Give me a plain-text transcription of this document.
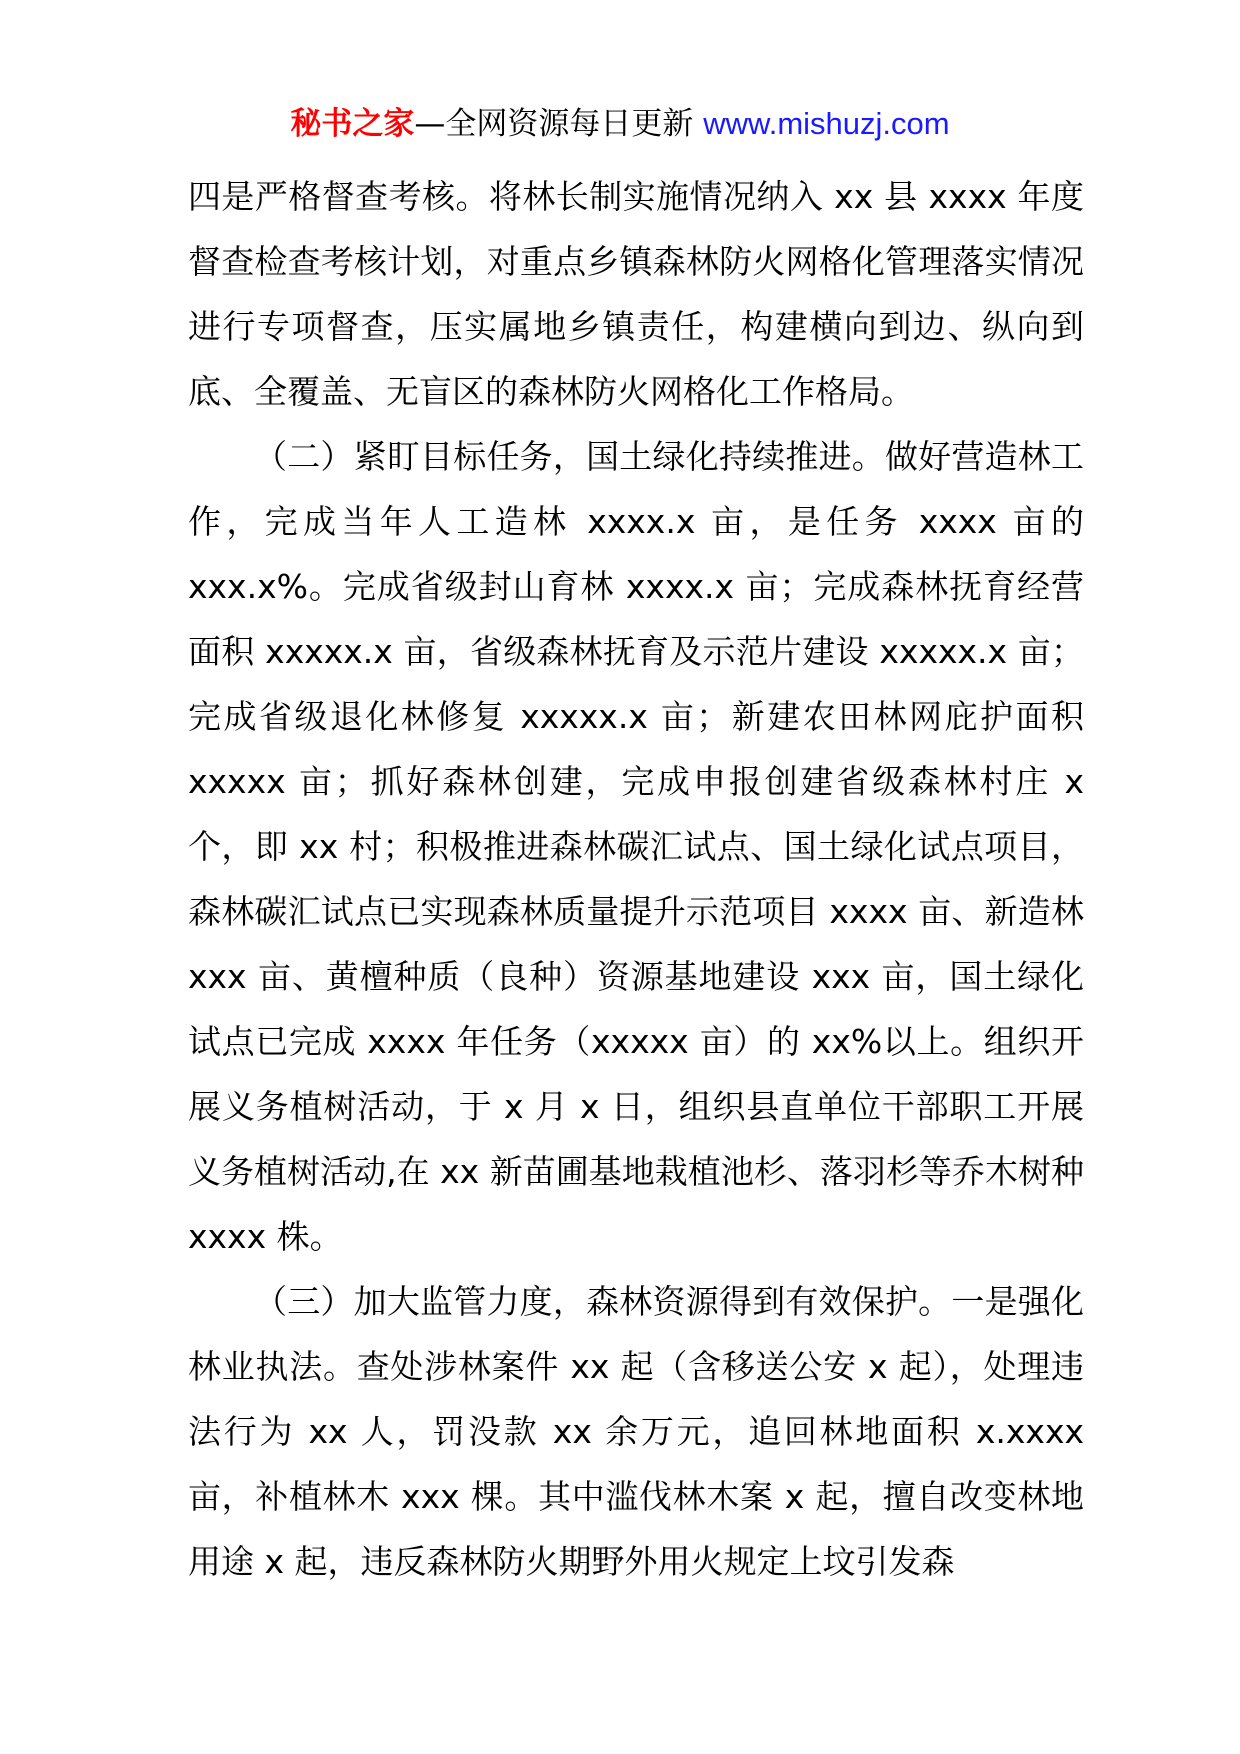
秘书之家—全网资源每日更新 www.mishuzj.com

四是严格督查考核。将林长制实施情况纳入 xx 县 xxxx 年度督查检查考核计划，对重点乡镇森林防火网格化管理落实情况进行专项督查，压实属地乡镇责任，构建横向到边、纵向到底、全覆盖、无盲区的森林防火网格化工作格局。

（二）紧盯目标任务，国土绿化持续推进。做好营造林工作，完成当年人工造林 xxxx.x 亩，是任务 xxxx 亩的 xxx.x%。完成省级封山育林 xxxx.x 亩；完成森林抚育经营面积 xxxxx.x 亩，省级森林抚育及示范片建设 xxxxx.x 亩；完成省级退化林修复 xxxxx.x 亩；新建农田林网庇护面积 xxxxx 亩；抓好森林创建，完成申报创建省级森林村庄 x 个，即 xx 村；积极推进森林碳汇试点、国土绿化试点项目，森林碳汇试点已实现森林质量提升示范项目 xxxx 亩、新造林 xxx 亩、黄檀种质（良种）资源基地建设 xxx 亩，国土绿化试点已完成 xxxx 年任务（xxxxx 亩）的 xx%以上。组织开展义务植树活动，于 x 月 x 日，组织县直单位干部职工开展义务植树活动,在 xx 新苗圃基地栽植池杉、落羽杉等乔木树种 xxxx 株。

（三）加大监管力度，森林资源得到有效保护。一是强化林业执法。查处涉林案件 xx 起（含移送公安 x 起），处理违法行为 xx 人，罚没款 xx 余万元，追回林地面积 x.xxxx 亩，补植林木 xxx 棵。其中滥伐林木案 x 起，擅自改变林地用途 x 起，违反森林防火期野外用火规定上坟引发森
